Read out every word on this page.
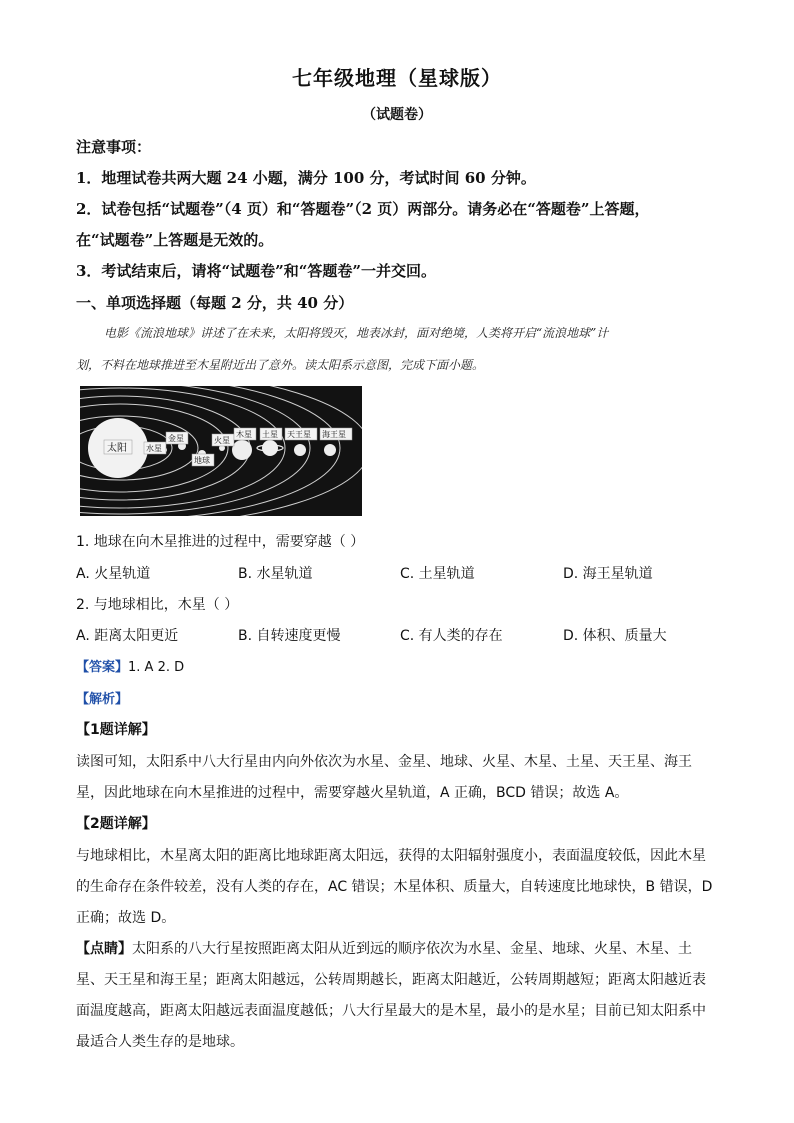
七年级地理（星球版）
（试题卷）
注意事项：
1．地理试卷共两大题 24 小题，满分 100 分，考试时间 60 分钟。
2．试卷包括“试题卷”（4 页）和“答题卷”（2 页）两部分。请务必在“答题卷”上答题，
在“试题卷”上答题是无效的。
3．考试结束后，请将“试题卷”和“答题卷”一并交回。
一、单项选择题（每题 2 分，共 40 分）
电影《流浪地球》讲述了在未来，太阳将毁灭，地表冰封，面对绝境，人类将开启“流浪地球”计
划，不料在地球推进至木星附近出了意外。读太阳系示意图，完成下面小题。
太阳 水星
金星
地球
火星
木星 土星 天王星 海王星
1. 地球在向木星推进的过程中，需要穿越（ ）
A. 火星轨道	B. 水星轨道	C. 土星轨道	D. 海王星轨道
2. 与地球相比，木星（ ）
A. 距离太阳更近	B. 自转速度更慢	C. 有人类的存在	D. 体积、质量大
【答案】1. A 2. D
【解析】
【1题详解】
读图可知，太阳系中八大行星由内向外依次为水星、金星、地球、火星、木星、土星、天王星、海王
星，因此地球在向木星推进的过程中，需要穿越火星轨道，A 正确，BCD 错误；故选 A。
【2题详解】
与地球相比，木星离太阳的距离比地球距离太阳远，获得的太阳辐射强度小，表面温度较低，因此木星
的生命存在条件较差，没有人类的存在，AC 错误；木星体积、质量大，自转速度比地球快，B 错误，D
正确；故选 D。
【点睛】太阳系的八大行星按照距离太阳从近到远的顺序依次为水星、金星、地球、火星、木星、土
星、天王星和海王星；距离太阳越远，公转周期越长，距离太阳越近，公转周期越短；距离太阳越近表
面温度越高，距离太阳越远表面温度越低；八大行星最大的是木星，最小的是水星；目前已知太阳系中
最适合人类生存的是地球。
